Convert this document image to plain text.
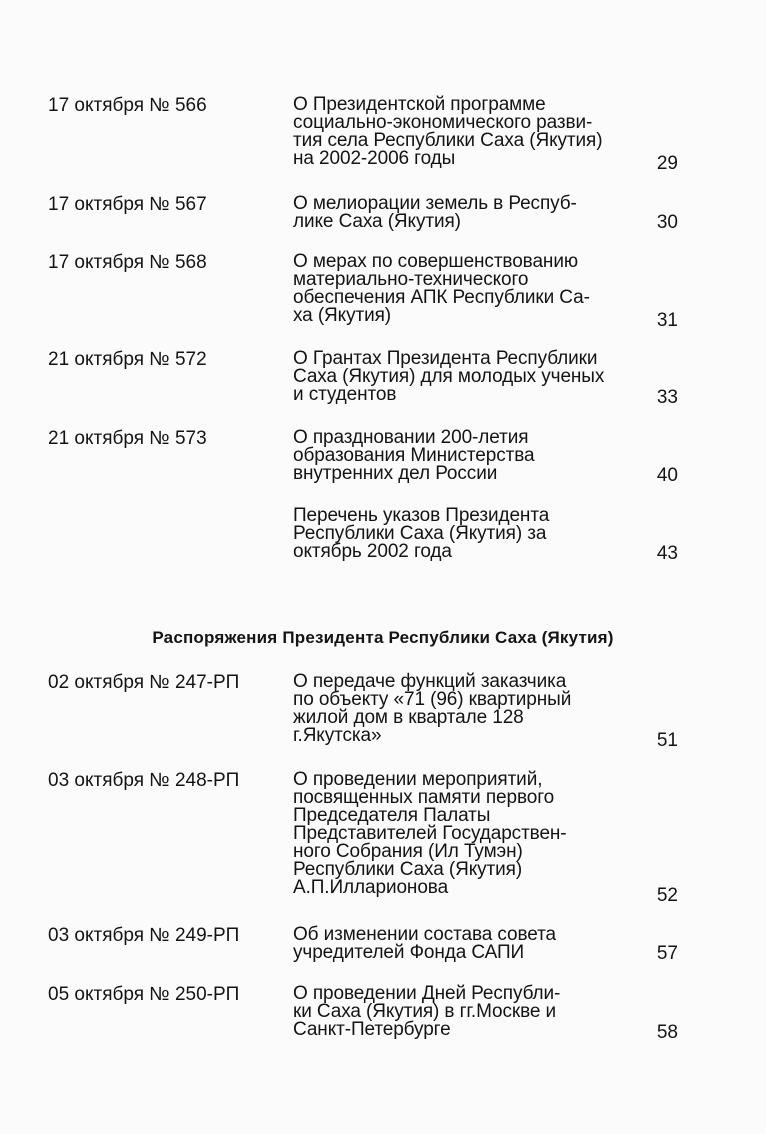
17 октября № 566	О Президентской программе
социально-экономического разви-
тия села Республики Саха (Якутия)
на 2002-2006 годы	29
17 октября № 567	О мелиорации земель в Респуб-
лике Саха (Якутия)	30
17 октября № 568	О мерах по совершенствованию
материально-технического
обеспечения АПК Республики Са-
ха (Якутия)	31
21 октября № 572	О Грантах Президента Республики
Саха (Якутия) для молодых ученых
и студентов	33
21 октября № 573	О праздновании 200-летия
образования Министерства
внутренних дел России	40
Перечень указов Президента
Республики Саха (Якутия) за
октябрь 2002 года	43
Распоряжения Президента Республики Саха (Якутия)
02 октября № 247-РП	О передаче функций заказчика
по объекту «71 (96) квартирный
жилой дом в квартале 128
г.Якутска»	51
03 октября № 248-РП	О проведении мероприятий,
посвященных памяти первого
Председателя Палаты
Представителей Государствен-
ного Собрания (Ил Тумэн)
Республики Саха (Якутия)
А.П.Илларионова	52
03 октября № 249-РП	Об изменении состава совета
учредителей Фонда САПИ	57
05 октября № 250-РП	О проведении Дней Республи-
ки Саха (Якутия) в гг.Москве и
Санкт-Петербурге	58
